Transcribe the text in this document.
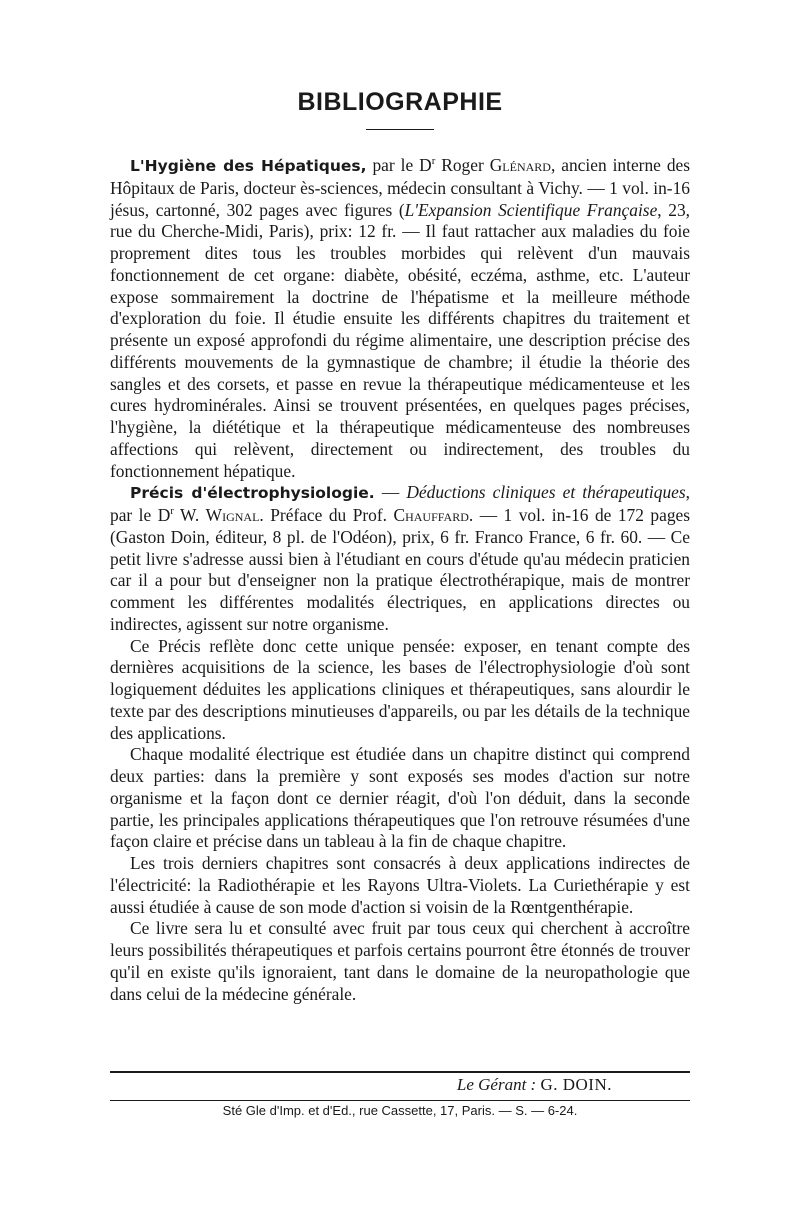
BIBLIOGRAPHIE

L'Hygiène des Hépatiques, par le $D^r$ Roger Glénard, ancien interne des Hôpitaux de Paris, docteur ès-sciences, médecin consultant à Vichy. — 1 vol. in-16 jésus, cartonné, 302 pages avec figures (L'Expansion Scientifique Française, 23, rue du Cherche-Midi, Paris), prix: 12 fr. — Il faut rattacher aux maladies du foie proprement dites tous les troubles morbides qui relèvent d'un mauvais fonctionnement de cet organe: diabète, obésité, eczéma, asthme, etc. L'auteur expose sommairement la doctrine de l'hépatisme et la meilleure méthode d'exploration du foie. Il étudie ensuite les différents chapitres du traitement et présente un exposé approfondi du régime alimentaire, une description précise des différents mouvements de la gymnastique de chambre; il étudie la théorie des sangles et des corsets, et passe en revue la thérapeutique médicamenteuse et les cures hydrominérales. Ainsi se trouvent présentées, en quelques pages précises, l'hygiène, la diététique et la thérapeutique médicamenteuse des nombreuses affections qui relèvent, directement ou indirectement, des troubles du fonctionnement hépatique.

Précis d'électrophysiologie. — Déductions cliniques et thérapeutiques, par le $D^r$ W. Wignal. Préface du Prof. Chauffard. — 1 vol. in-16 de 172 pages (Gaston Doin, éditeur, 8 pl. de l'Odéon), prix, 6 fr. Franco France, 6 fr. 60. — Ce petit livre s'adresse aussi bien à l'étudiant en cours d'étude qu'au médecin praticien car il a pour but d'enseigner non la pratique électrothérapique, mais de montrer comment les différentes modalités électriques, en applications directes ou indirectes, agissent sur notre organisme.

Ce Précis reflète donc cette unique pensée: exposer, en tenant compte des dernières acquisitions de la science, les bases de l'électrophysiologie d'où sont logiquement déduites les applications cliniques et thérapeutiques, sans alourdir le texte par des descriptions minutieuses d'appareils, ou par les détails de la technique des applications.

Chaque modalité électrique est étudiée dans un chapitre distinct qui comprend deux parties: dans la première y sont exposés ses modes d'action sur notre organisme et la façon dont ce dernier réagit, d'où l'on déduit, dans la seconde partie, les principales applications thérapeutiques que l'on retrouve résumées d'une façon claire et précise dans un tableau à la fin de chaque chapitre.

Les trois derniers chapitres sont consacrés à deux applications indirectes de l'électricité: la Radiothérapie et les Rayons Ultra-Violets. La Curiethérapie y est aussi étudiée à cause de son mode d'action si voisin de la Rœntgenthérapie.

Ce livre sera lu et consulté avec fruit par tous ceux qui cherchent à accroître leurs possibilités thérapeutiques et parfois certains pourront être étonnés de trouver qu'il en existe qu'ils ignoraient, tant dans le domaine de la neuropathologie que dans celui de la médecine générale.

Le Gérant : G. DOIN.
Sté Gle d'Imp. et d'Ed., rue Cassette, 17, Paris. — S. — 6-24.
